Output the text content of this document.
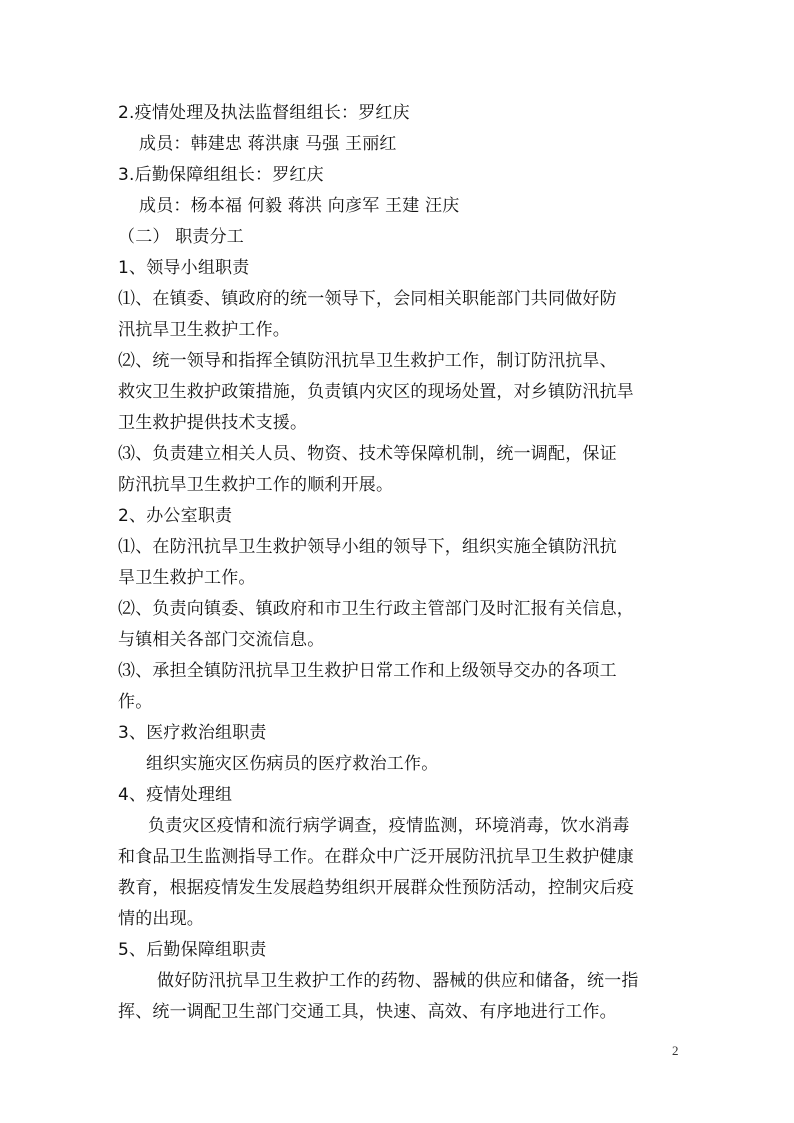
2.疫情处理及执法监督组组长：罗红庆
成员：韩建忠 蒋洪康 马强 王丽红
3.后勤保障组组长：罗红庆
成员：杨本福 何毅 蒋洪 向彦军 王建 汪庆
（二） 职责分工
1、领导小组职责
⑴、在镇委、镇政府的统一领导下，会同相关职能部门共同做好防
汛抗旱卫生救护工作。
⑵、统一领导和指挥全镇防汛抗旱卫生救护工作，制订防汛抗旱、
救灾卫生救护政策措施，负责镇内灾区的现场处置，对乡镇防汛抗旱
卫生救护提供技术支援。
⑶、负责建立相关人员、物资、技术等保障机制，统一调配，保证
防汛抗旱卫生救护工作的顺利开展。
2、办公室职责
⑴、在防汛抗旱卫生救护领导小组的领导下，组织实施全镇防汛抗
旱卫生救护工作。
⑵、负责向镇委、镇政府和市卫生行政主管部门及时汇报有关信息，
与镇相关各部门交流信息。
⑶、承担全镇防汛抗旱卫生救护日常工作和上级领导交办的各项工
作。
3、医疗救治组职责
组织实施灾区伤病员的医疗救治工作。
4、疫情处理组
负责灾区疫情和流行病学调查，疫情监测，环境消毒，饮水消毒
和食品卫生监测指导工作。在群众中广泛开展防汛抗旱卫生救护健康
教育，根据疫情发生发展趋势组织开展群众性预防活动，控制灾后疫
情的出现。
5、后勤保障组职责
做好防汛抗旱卫生救护工作的药物、器械的供应和储备，统一指
挥、统一调配卫生部门交通工具，快速、高效、有序地进行工作。
2
